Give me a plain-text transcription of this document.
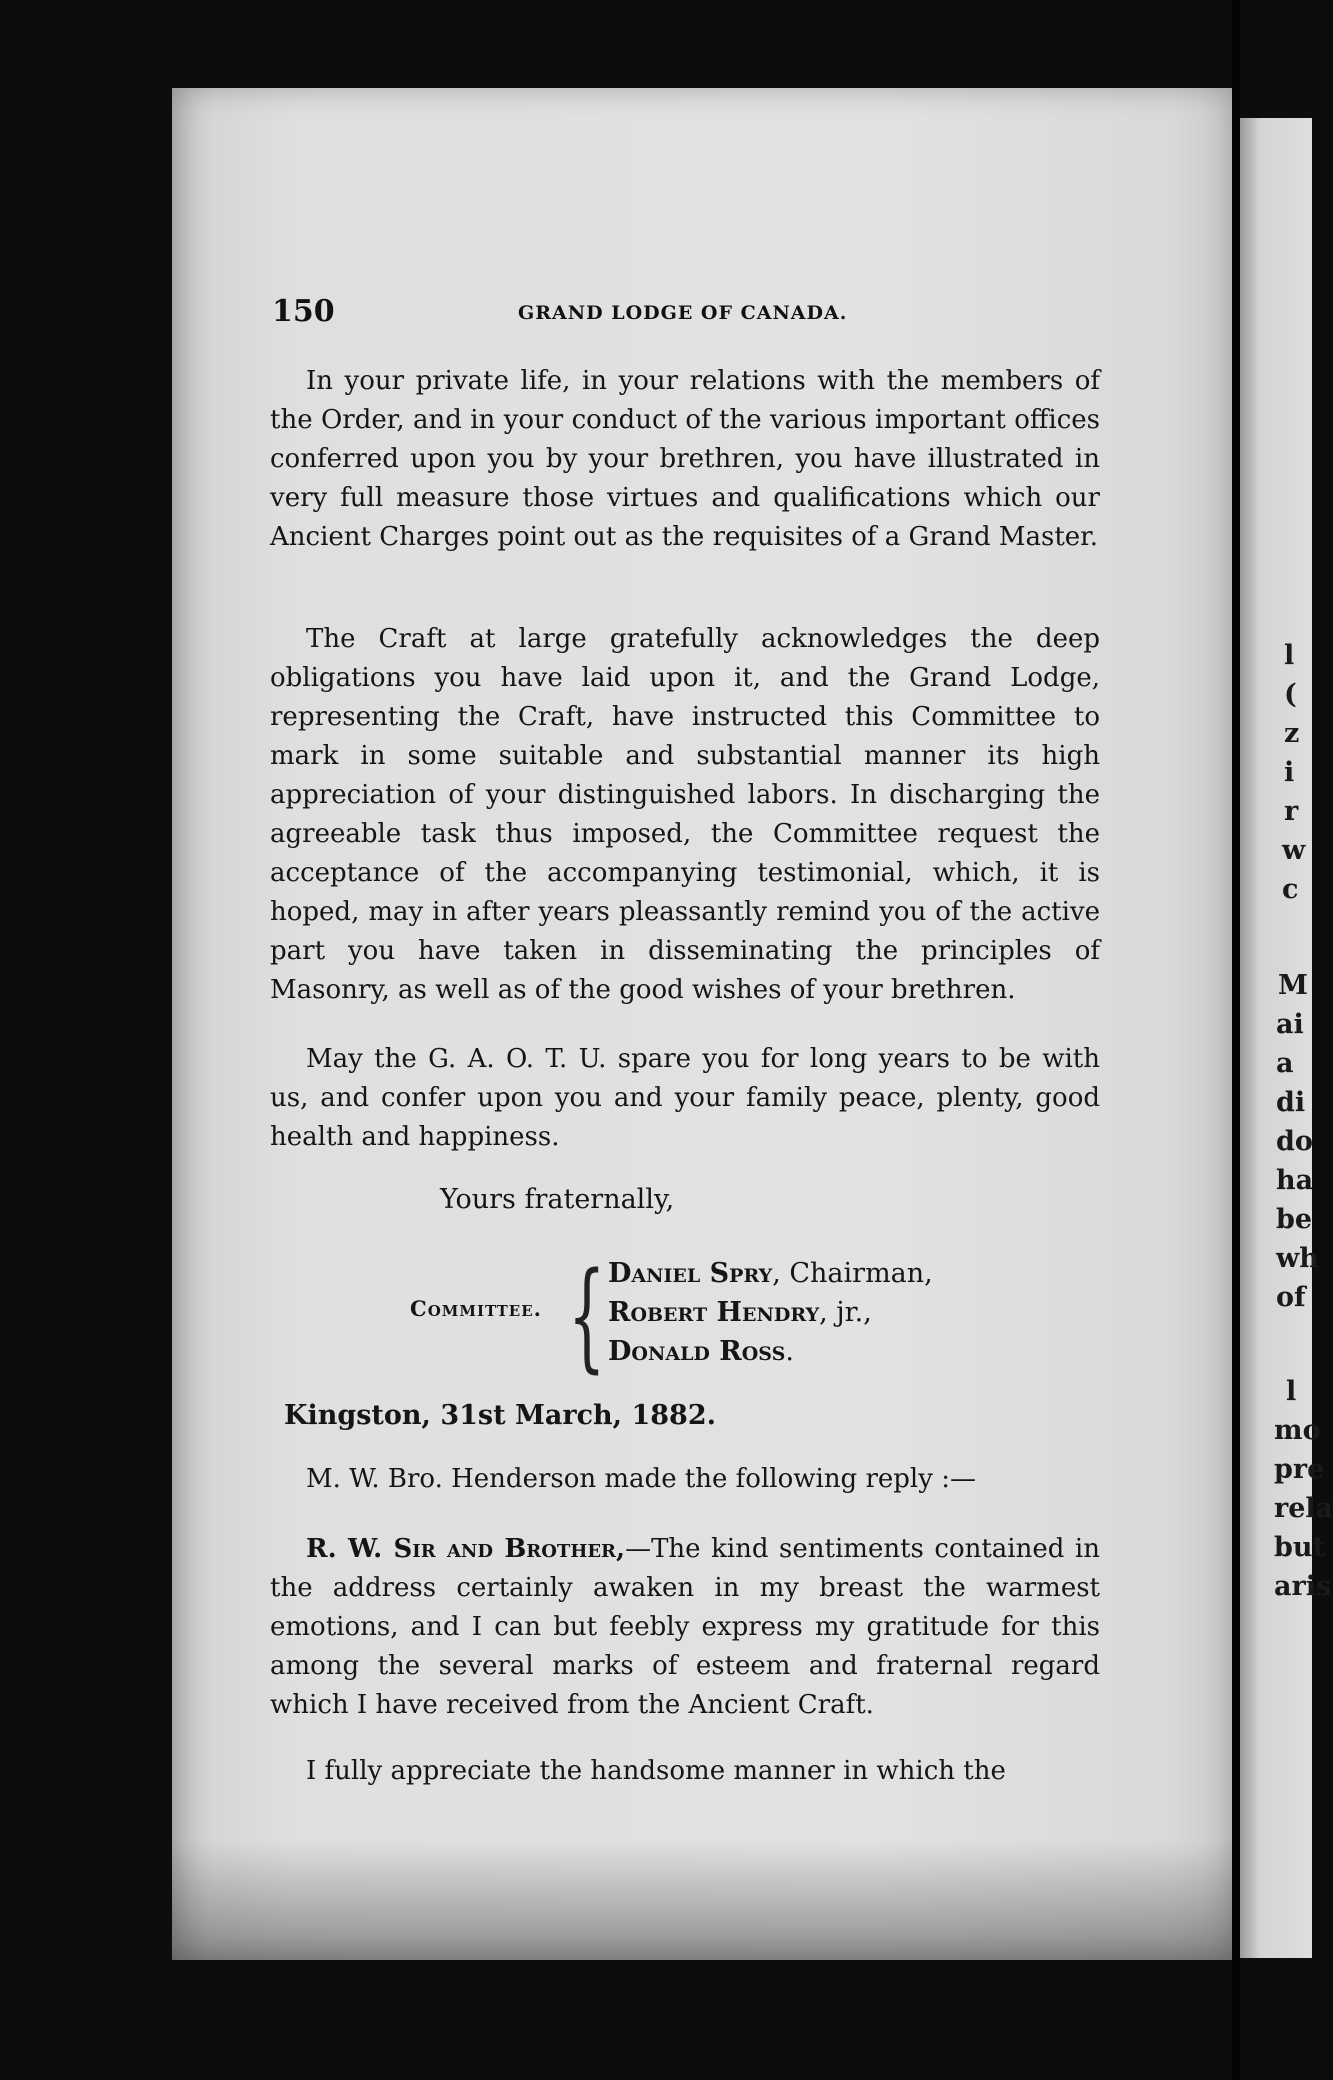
l
(
z
i
r
w
c
M
ai
a
di
do
ha
be
wh
of
l
mo
pre
rela
but
aris
150	GRAND LODGE OF CANADA.

In your private life, in your relations with the members of the Order, and in your conduct of the various important offices conferred upon you by your brethren, you have illustrated in very full measure those virtues and qualifications which our Ancient Charges point out as the requisites of a Grand Master.

The Craft at large gratefully acknowledges the deep obligations you have laid upon it, and the Grand Lodge, representing the Craft, have instructed this Committee to mark in some suitable and substantial manner its high appreciation of your distinguished labors. In discharging the agreeable task thus imposed, the Committee request the acceptance of the accompanying testimonial, which, it is hoped, may in after years pleassantly remind you of the active part you have taken in disseminating the principles of Masonry, as well as of the good wishes of your brethren.

May the G. A. O. T. U. spare you for long years to be with us, and confer upon you and your family peace, plenty, good health and happiness.

Yours fraternally,
Committee. { Daniel Spry, Chairman,
Robert Hendry, jr.,
Donald Ross.
Kingston, 31st March, 1882.

M. W. Bro. Henderson made the following reply :—

R. W. Sir and Brother,—The kind sentiments contained in the address certainly awaken in my breast the warmest emotions, and I can but feebly express my gratitude for this among the several marks of esteem and fraternal regard which I have received from the Ancient Craft.

I fully appreciate the handsome manner in which the
